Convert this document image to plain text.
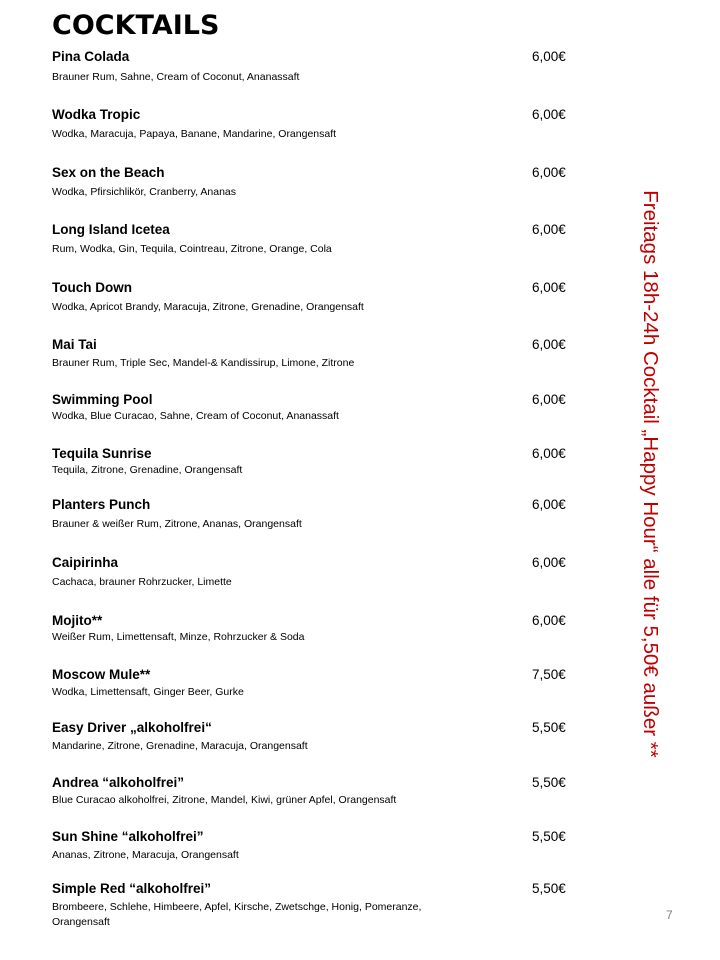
COCKTAILS
Pina Colada	6,00€
Brauner Rum, Sahne, Cream of Coconut, Ananassaft
Wodka Tropic	6,00€
Wodka, Maracuja, Papaya, Banane, Mandarine, Orangensaft
Sex on the Beach	6,00€
Wodka, Pfirsichlikör, Cranberry, Ananas
Long Island Icetea	6,00€
Rum, Wodka, Gin, Tequila, Cointreau, Zitrone, Orange, Cola
Touch Down	6,00€
Wodka, Apricot Brandy, Maracuja, Zitrone, Grenadine, Orangensaft
Mai Tai	6,00€
Brauner Rum, Triple Sec, Mandel-& Kandissirup, Limone, Zitrone
Swimming Pool	6,00€
Wodka, Blue Curacao, Sahne, Cream of Coconut, Ananassaft
Tequila Sunrise	6,00€
Tequila, Zitrone, Grenadine, Orangensaft
Planters Punch	6,00€
Brauner & weißer Rum, Zitrone, Ananas, Orangensaft
Caipirinha	6,00€
Cachaca, brauner Rohrzucker, Limette
Mojito**	6,00€
Weißer Rum, Limettensaft, Minze, Rohrzucker & Soda
Moscow Mule**	7,50€
Wodka, Limettensaft, Ginger Beer, Gurke
Easy Driver „alkoholfrei“	5,50€
Mandarine, Zitrone, Grenadine, Maracuja, Orangensaft
Andrea “alkoholfrei”	5,50€
Blue Curacao alkoholfrei, Zitrone, Mandel, Kiwi, grüner Apfel, Orangensaft
Sun Shine “alkoholfrei”	5,50€
Ananas, Zitrone, Maracuja, Orangensaft
Simple Red “alkoholfrei”	5,50€
Brombeere, Schlehe, Himbeere, Apfel, Kirsche, Zwetschge, Honig, Pomeranze, Orangensaft
Freitags 18h-24h Cocktail „Happy Hour“ alle für 5,50€ außer **
7
